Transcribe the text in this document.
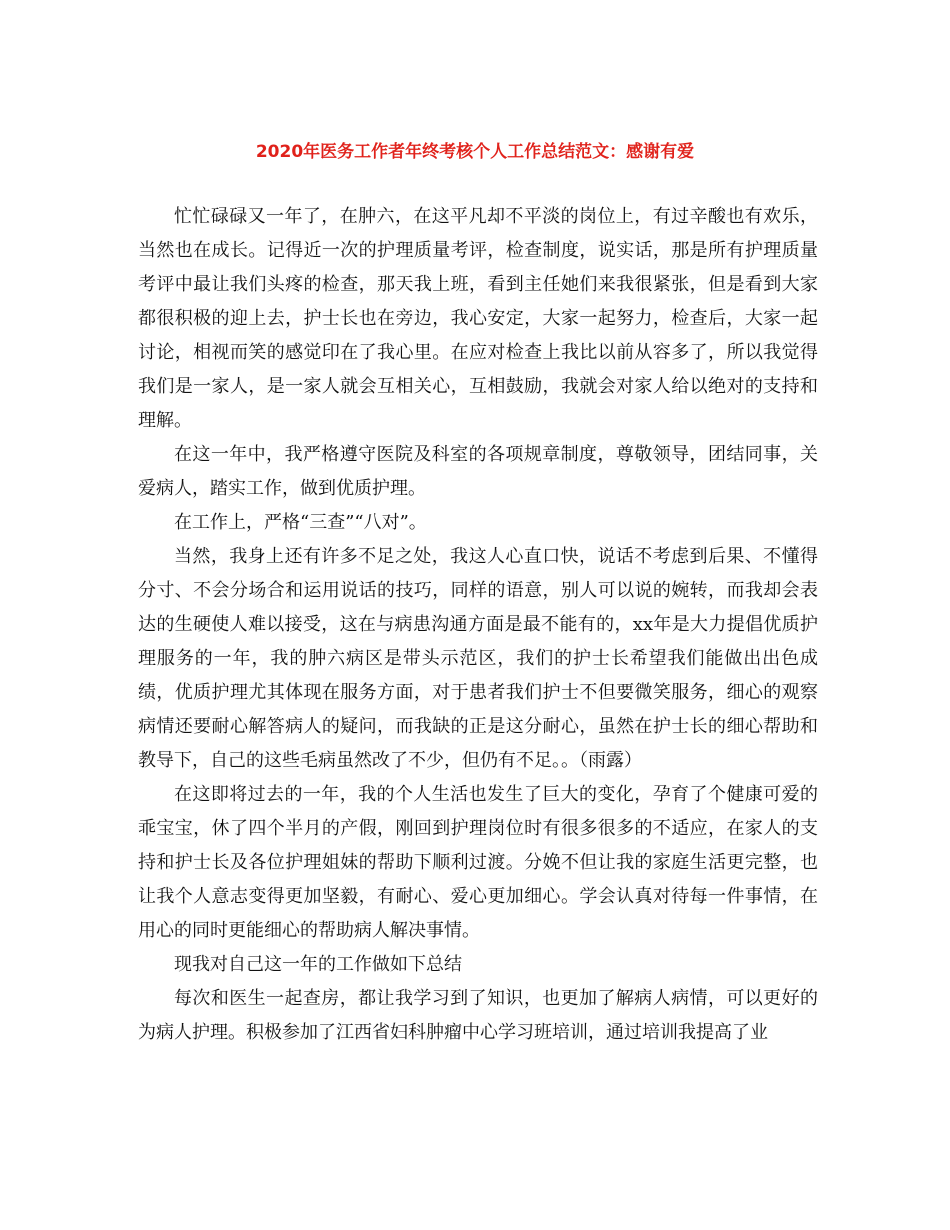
2020年医务工作者年终考核个人工作总结范文：感谢有爱

忙忙碌碌又一年了，在肿六，在这平凡却不平淡的岗位上，有过辛酸也有欢乐，当然也在成长。记得近一次的护理质量考评，检查制度，说实话，那是所有护理质量考评中最让我们头疼的检查，那天我上班，看到主任她们来我很紧张，但是看到大家都很积极的迎上去，护士长也在旁边，我心安定，大家一起努力，检查后，大家一起讨论，相视而笑的感觉印在了我心里。在应对检查上我比以前从容多了，所以我觉得我们是一家人，是一家人就会互相关心，互相鼓励，我就会对家人给以绝对的支持和理解。

在这一年中，我严格遵守医院及科室的各项规章制度，尊敬领导，团结同事，关爱病人，踏实工作，做到优质护理。

在工作上，严格“三查”“八对”。

当然，我身上还有许多不足之处，我这人心直口快，说话不考虑到后果、不懂得分寸、不会分场合和运用说话的技巧，同样的语意，别人可以说的婉转，而我却会表达的生硬使人难以接受，这在与病患沟通方面是最不能有的，xx年是大力提倡优质护理服务的一年，我的肿六病区是带头示范区，我们的护士长希望我们能做出出色成绩，优质护理尤其体现在服务方面，对于患者我们护士不但要微笑服务，细心的观察病情还要耐心解答病人的疑问，而我缺的正是这分耐心，虽然在护士长的细心帮助和教导下，自己的这些毛病虽然改了不少，但仍有不足。。（雨露）

在这即将过去的一年，我的个人生活也发生了巨大的变化，孕育了个健康可爱的乖宝宝，休了四个半月的产假，刚回到护理岗位时有很多很多的不适应，在家人的支持和护士长及各位护理姐妹的帮助下顺利过渡。分娩不但让我的家庭生活更完整，也让我个人意志变得更加坚毅，有耐心、爱心更加细心。学会认真对待每一件事情，在用心的同时更能细心的帮助病人解决事情。

现我对自己这一年的工作做如下总结

每次和医生一起查房，都让我学习到了知识，也更加了解病人病情，可以更好的为病人护理。积极参加了江西省妇科肿瘤中心学习班培训，通过培训我提高了业
